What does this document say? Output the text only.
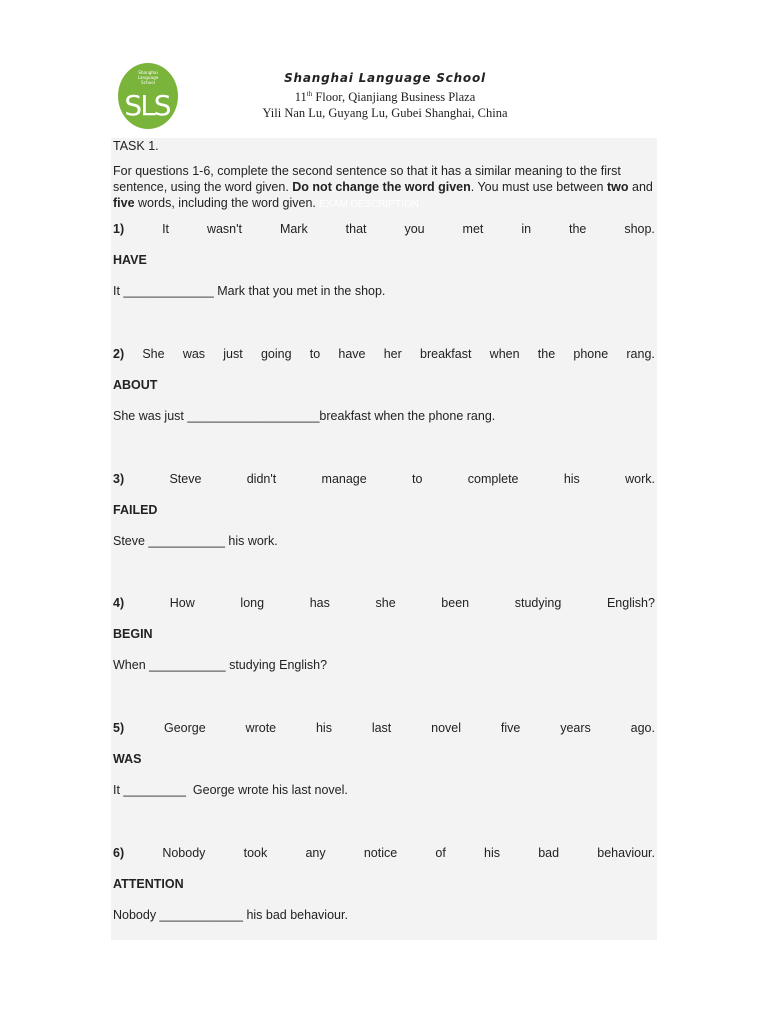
Shanghai
Language
School
SLS
Shanghai Language School
11th Floor, Qianjiang Business Plaza
Yili Nan Lu, Guyang Lu, Gubei Shanghai, China
TASK 1.
For questions 1-6, complete the second sentence so that it has a similar meaning to the first sentence, using the word given. Do not change the word given. You must use between two and five words, including the word given. EXAM DESCRIPTION
1)	It	wasn't	Mark	that	you	met	in	the	shop.
HAVE
It _____________ Mark that you met in the shop.
2) She was just going to have her breakfast when the phone rang.
ABOUT
She was just ___________________breakfast when the phone rang.
3)	Steve	didn't	manage	to	complete	his	work.
FAILED
Steve ___________ his work.
4)	How	long	has	she	been	studying	English?
BEGIN
When ___________ studying English?
5)	George	wrote	his	last	novel	five	years	ago.
WAS
It _________  George wrote his last novel.
6)	Nobody	took	any	notice	of	his	bad	behaviour.
ATTENTION
Nobody ____________ his bad behaviour.
